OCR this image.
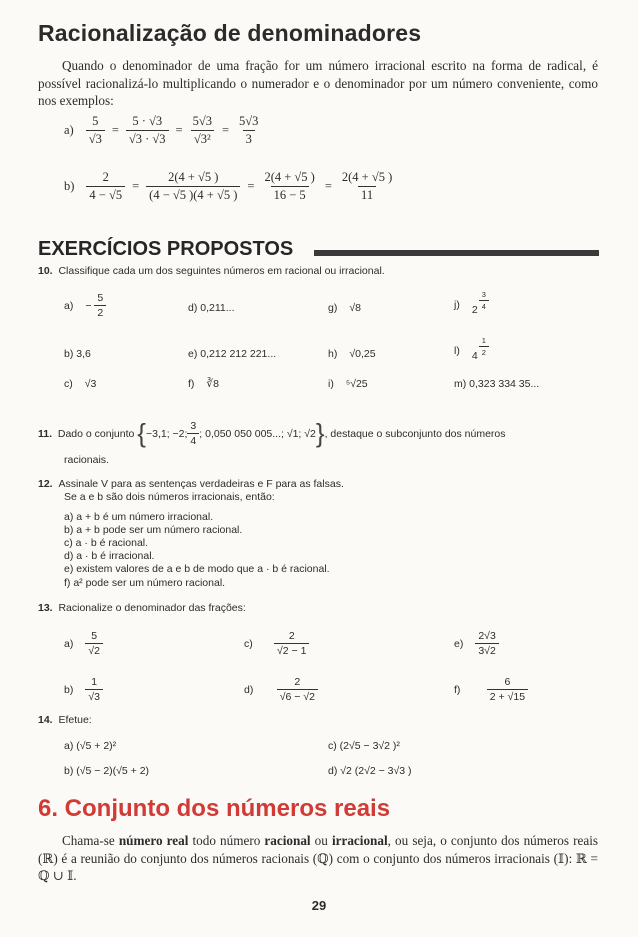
Racionalização de denominadores
Quando o denominador de uma fração for um número irracional escrito na forma de radical, é possível racionalizá-lo multiplicando o numerador e o denominador por um número conveniente, como nos exemplos:
$a) \frac{5}{√3} = \frac{5 \cdot √3}{√3 \cdot √3} = \frac{5√3}{\text{√3²}} = \frac{5√3}{3}$
$b) \frac{2}{4 - √5} = \frac{2(4 + √5 )}{(4 - √5 )(4 + √5 )} = \frac{2(4 + √5 )}{16 - 5} = \frac{2(4 + √5 )}{11}$
EXERCÍCIOS PROPOSTOS
10. Classifique cada um dos seguintes números em racional ou irracional.
a) −
$\frac{5}{2}$
b) 3,6
c) √3
d) 0,211...
e) 0,212 212 221...
f) ∛8
g) √8
h) √0,25
i) ⁵√25
j) $2 \frac{3}{4}$
l) $4 \frac{1}{2}$
m) 0,323 334 35...
11.
Dado o conjunto
{ −3,1; −2; $\frac{3}{4}$ ; 0,050 050 005...; √1; √2 } , destaque o subconjunto dos números
racionais.
12. Assinale V para as sentenças verdadeiras e F para as falsas.
Se a e b são dois números irracionais, então:
a) a + b é um número irracional.
b) a + b pode ser um número racional.
c) a · b é racional.
d) a · b é irracional.
e) existem valores de a e b de modo que a · b é racional.
f) a² pode ser um número racional.
13. Racionalize o denominador das frações:
$a) \frac{5}{√2}$
$b) \frac{1}{√3}$
$c) \frac{2}{√2 - 1}$
$d) \frac{2}{√6 - √2}$
$e) \frac{2√3}{3√2}$
$f) \frac{6}{2 + √15}$
14. Efetue:
a) (√5 + 2)²
b) (√5 − 2)(√5 + 2)
c) (2√5 − 3√2 )²
d) √2 (2√2 − 3√3 )
6. Conjunto dos números reais
Chama-se número real todo número racional ou irracional, ou seja, o conjunto dos números reais (ℝ) é a reunião do conjunto dos números racionais (ℚ) com o conjunto dos números irracionais (𝕀): ℝ = ℚ ∪ 𝕀.
29
